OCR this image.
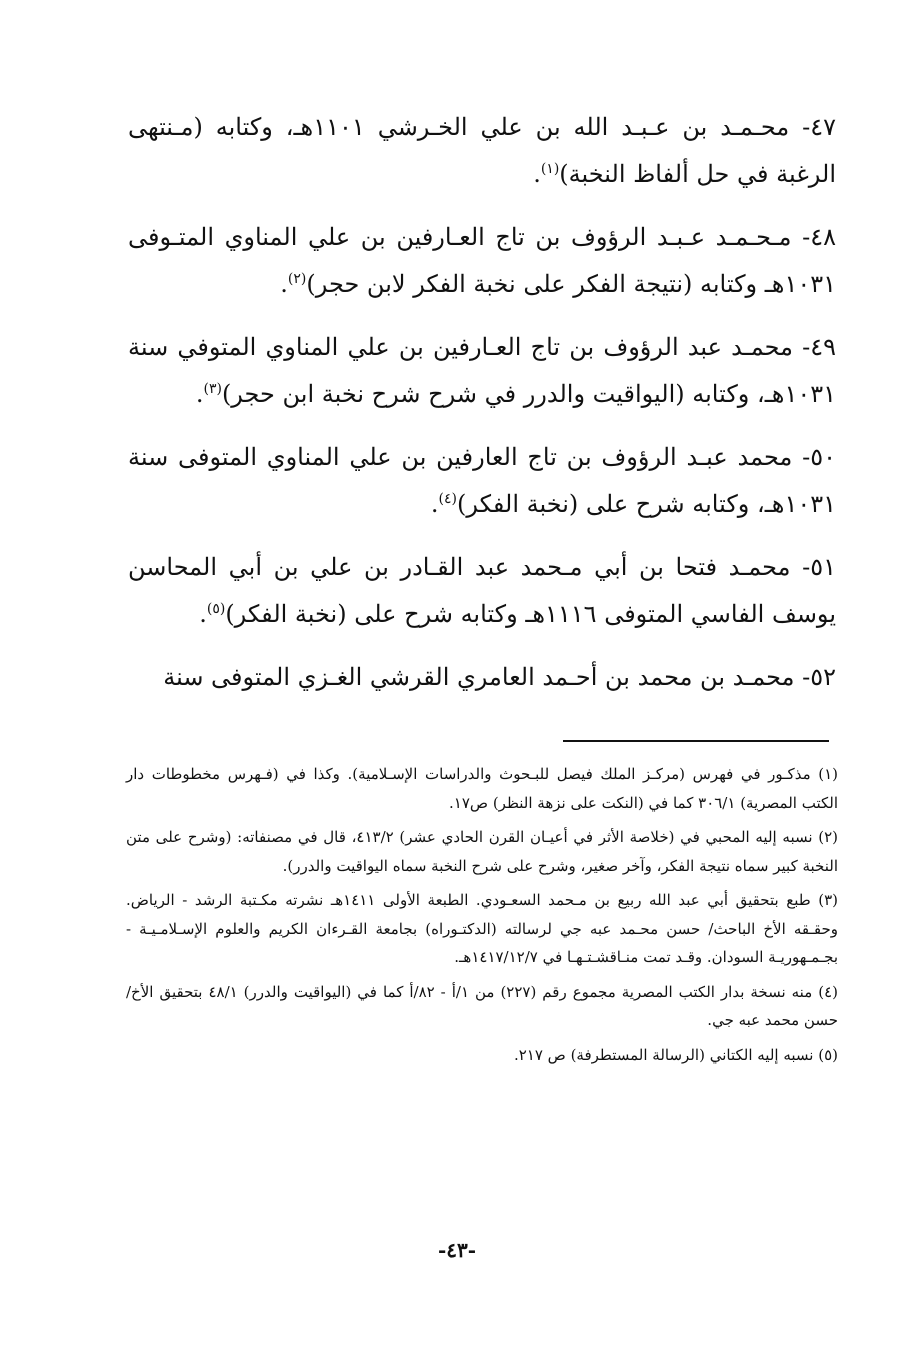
٤٧- محـمـد بن عـبـد الله بن علي الخـرشي ١١٠١هـ، وكتابه (مـنتهى الرغبة في حل ألفاظ النخبة)$^{(١)}$.

٤٨- مـحـمـد عـبـد الرؤوف بن تاج العـارفين بن علي المناوي المتـوفى ١٠٣١هـ وكتابه (نتيجة الفكر على نخبة الفكر لابن حجر)$^{(٢)}$.

٤٩- محمـد عبد الرؤوف بن تاج العـارفين بن علي المناوي المتوفي سنة ١٠٣١هـ، وكتابه (اليواقيت والدرر في شرح شرح نخبة ابن حجر)$^{(٣)}$.

٥٠- محمد عبـد الرؤوف بن تاج العارفين بن علي المناوي المتوفى سنة ١٠٣١هـ، وكتابه شرح على (نخبة الفكر)$^{(٤)}$.

٥١- محمـد فتحا بن أبي مـحمد عبد القـادر بن علي بن أبي المحاسن يوسف الفاسي المتوفى ١١١٦هـ وكتابه شرح على (نخبة الفكر)$^{(٥)}$.

٥٢- محمـد بن محمد بن أحـمد العامري القرشي الغـزي المتوفى سنة

(١) مذكـور في فهرس (مركـز الملك فيصل للبـحوث والدراسات الإسـلامية). وكذا في (فـهرس مخطوطات دار الكتب المصرية) ٣٠٦/١ كما في (النكت على نزهة النظر) ص١٧.

(٢) نسبه إليه المحبي في (خلاصة الأثر في أعيـان القرن الحادي عشر) ٤١٣/٢، قال في مصنفاته: (وشرح على متن النخبة كبير سماه نتيجة الفكر، وآخر صغير، وشرح على شرح النخبة سماه اليواقيت والدرر).

(٣) طبع بتحقيق أبي عبد الله ربيع بن مـحمد السعـودي. الطبعة الأولى ١٤١١هـ نشرته مكـتبة الرشد - الرياض. وحقـقه الأخ الباحث/ حسن محـمد عبه جي لرسالته (الدكتـوراه) بجامعة القـرءان الكريم والعلوم الإسـلامـيـة - بجـمـهوريـة السودان. وقـد تمت منـاقشـتـهـا في ١٤١٧/١٢/٧هـ.

(٤) منه نسخة بدار الكتب المصرية مجموع رقم (٢٢٧) من ١/أ - ٨٢/أ كما في (اليواقيت والدرر) ٤٨/١ بتحقيق الأخ/ حسن محمد عبه جي.

(٥) نسبه إليه الكتاني (الرسالة المستطرفة) ص ٢١٧.

-٤٣-
